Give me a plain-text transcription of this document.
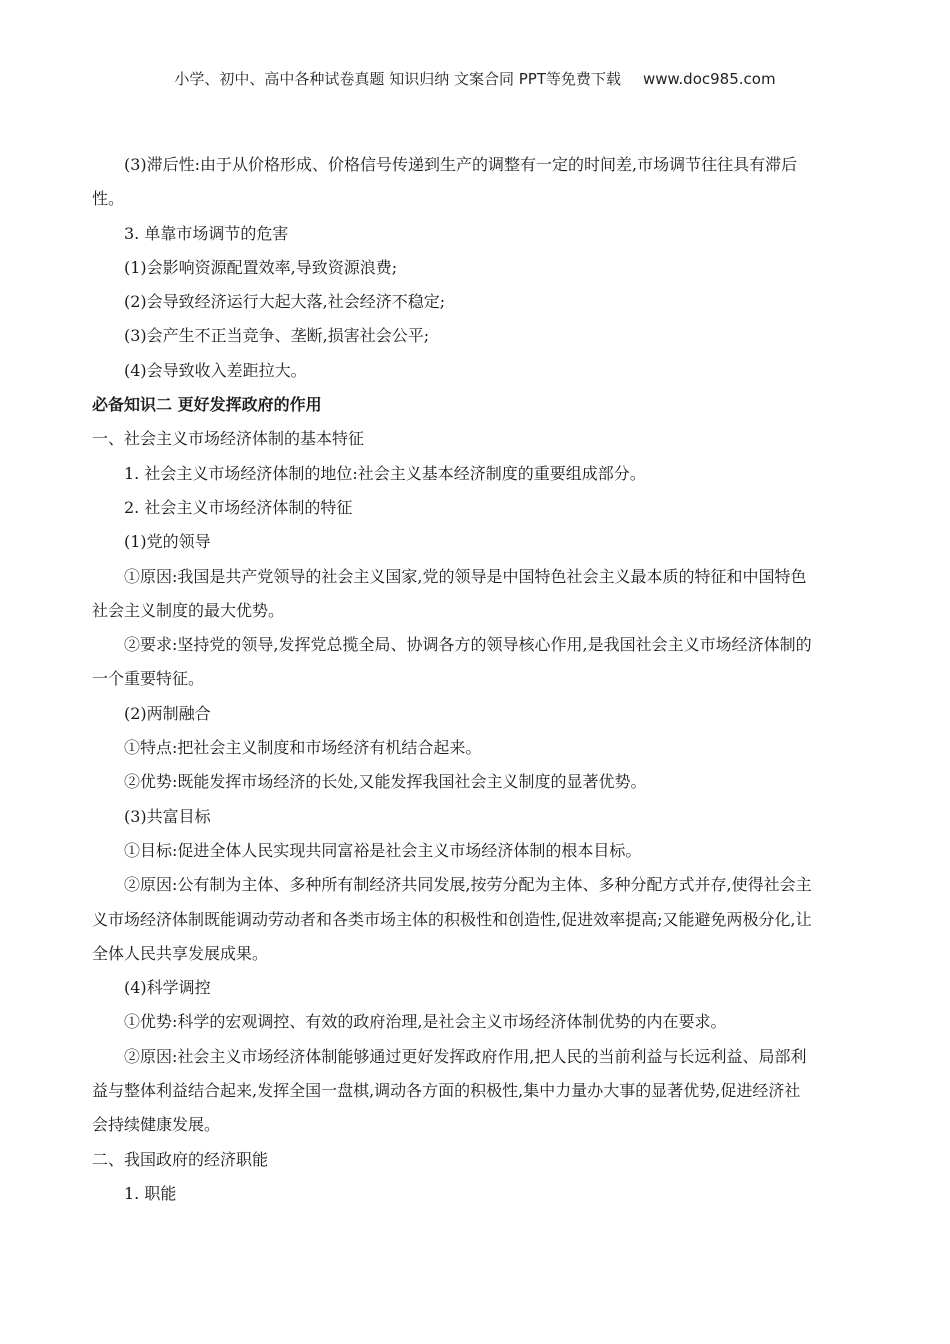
小学、初中、高中各种试卷真题 知识归纳 文案合同 PPT等免费下载 www.doc985.com
(3)滞后性:由于从价格形成、价格信号传递到生产的调整有一定的时间差,市场调节往往具有滞后
性。
3. 单靠市场调节的危害
(1)会影响资源配置效率,导致资源浪费;
(2)会导致经济运行大起大落,社会经济不稳定;
(3)会产生不正当竞争、垄断,损害社会公平;
(4)会导致收入差距拉大。
必备知识二 更好发挥政府的作用
一、社会主义市场经济体制的基本特征
1. 社会主义市场经济体制的地位:社会主义基本经济制度的重要组成部分。
2. 社会主义市场经济体制的特征
(1)党的领导
①原因:我国是共产党领导的社会主义国家,党的领导是中国特色社会主义最本质的特征和中国特色
社会主义制度的最大优势。
②要求:坚持党的领导,发挥党总揽全局、协调各方的领导核心作用,是我国社会主义市场经济体制的
一个重要特征。
(2)两制融合
①特点:把社会主义制度和市场经济有机结合起来。
②优势:既能发挥市场经济的长处,又能发挥我国社会主义制度的显著优势。
(3)共富目标
①目标:促进全体人民实现共同富裕是社会主义市场经济体制的根本目标。
②原因:公有制为主体、多种所有制经济共同发展,按劳分配为主体、多种分配方式并存,使得社会主
义市场经济体制既能调动劳动者和各类市场主体的积极性和创造性,促进效率提高;又能避免两极分化,让
全体人民共享发展成果。
(4)科学调控
①优势:科学的宏观调控、有效的政府治理,是社会主义市场经济体制优势的内在要求。
②原因:社会主义市场经济体制能够通过更好发挥政府作用,把人民的当前利益与长远利益、局部利
益与整体利益结合起来,发挥全国一盘棋,调动各方面的积极性,集中力量办大事的显著优势,促进经济社
会持续健康发展。
二、我国政府的经济职能
1. 职能
